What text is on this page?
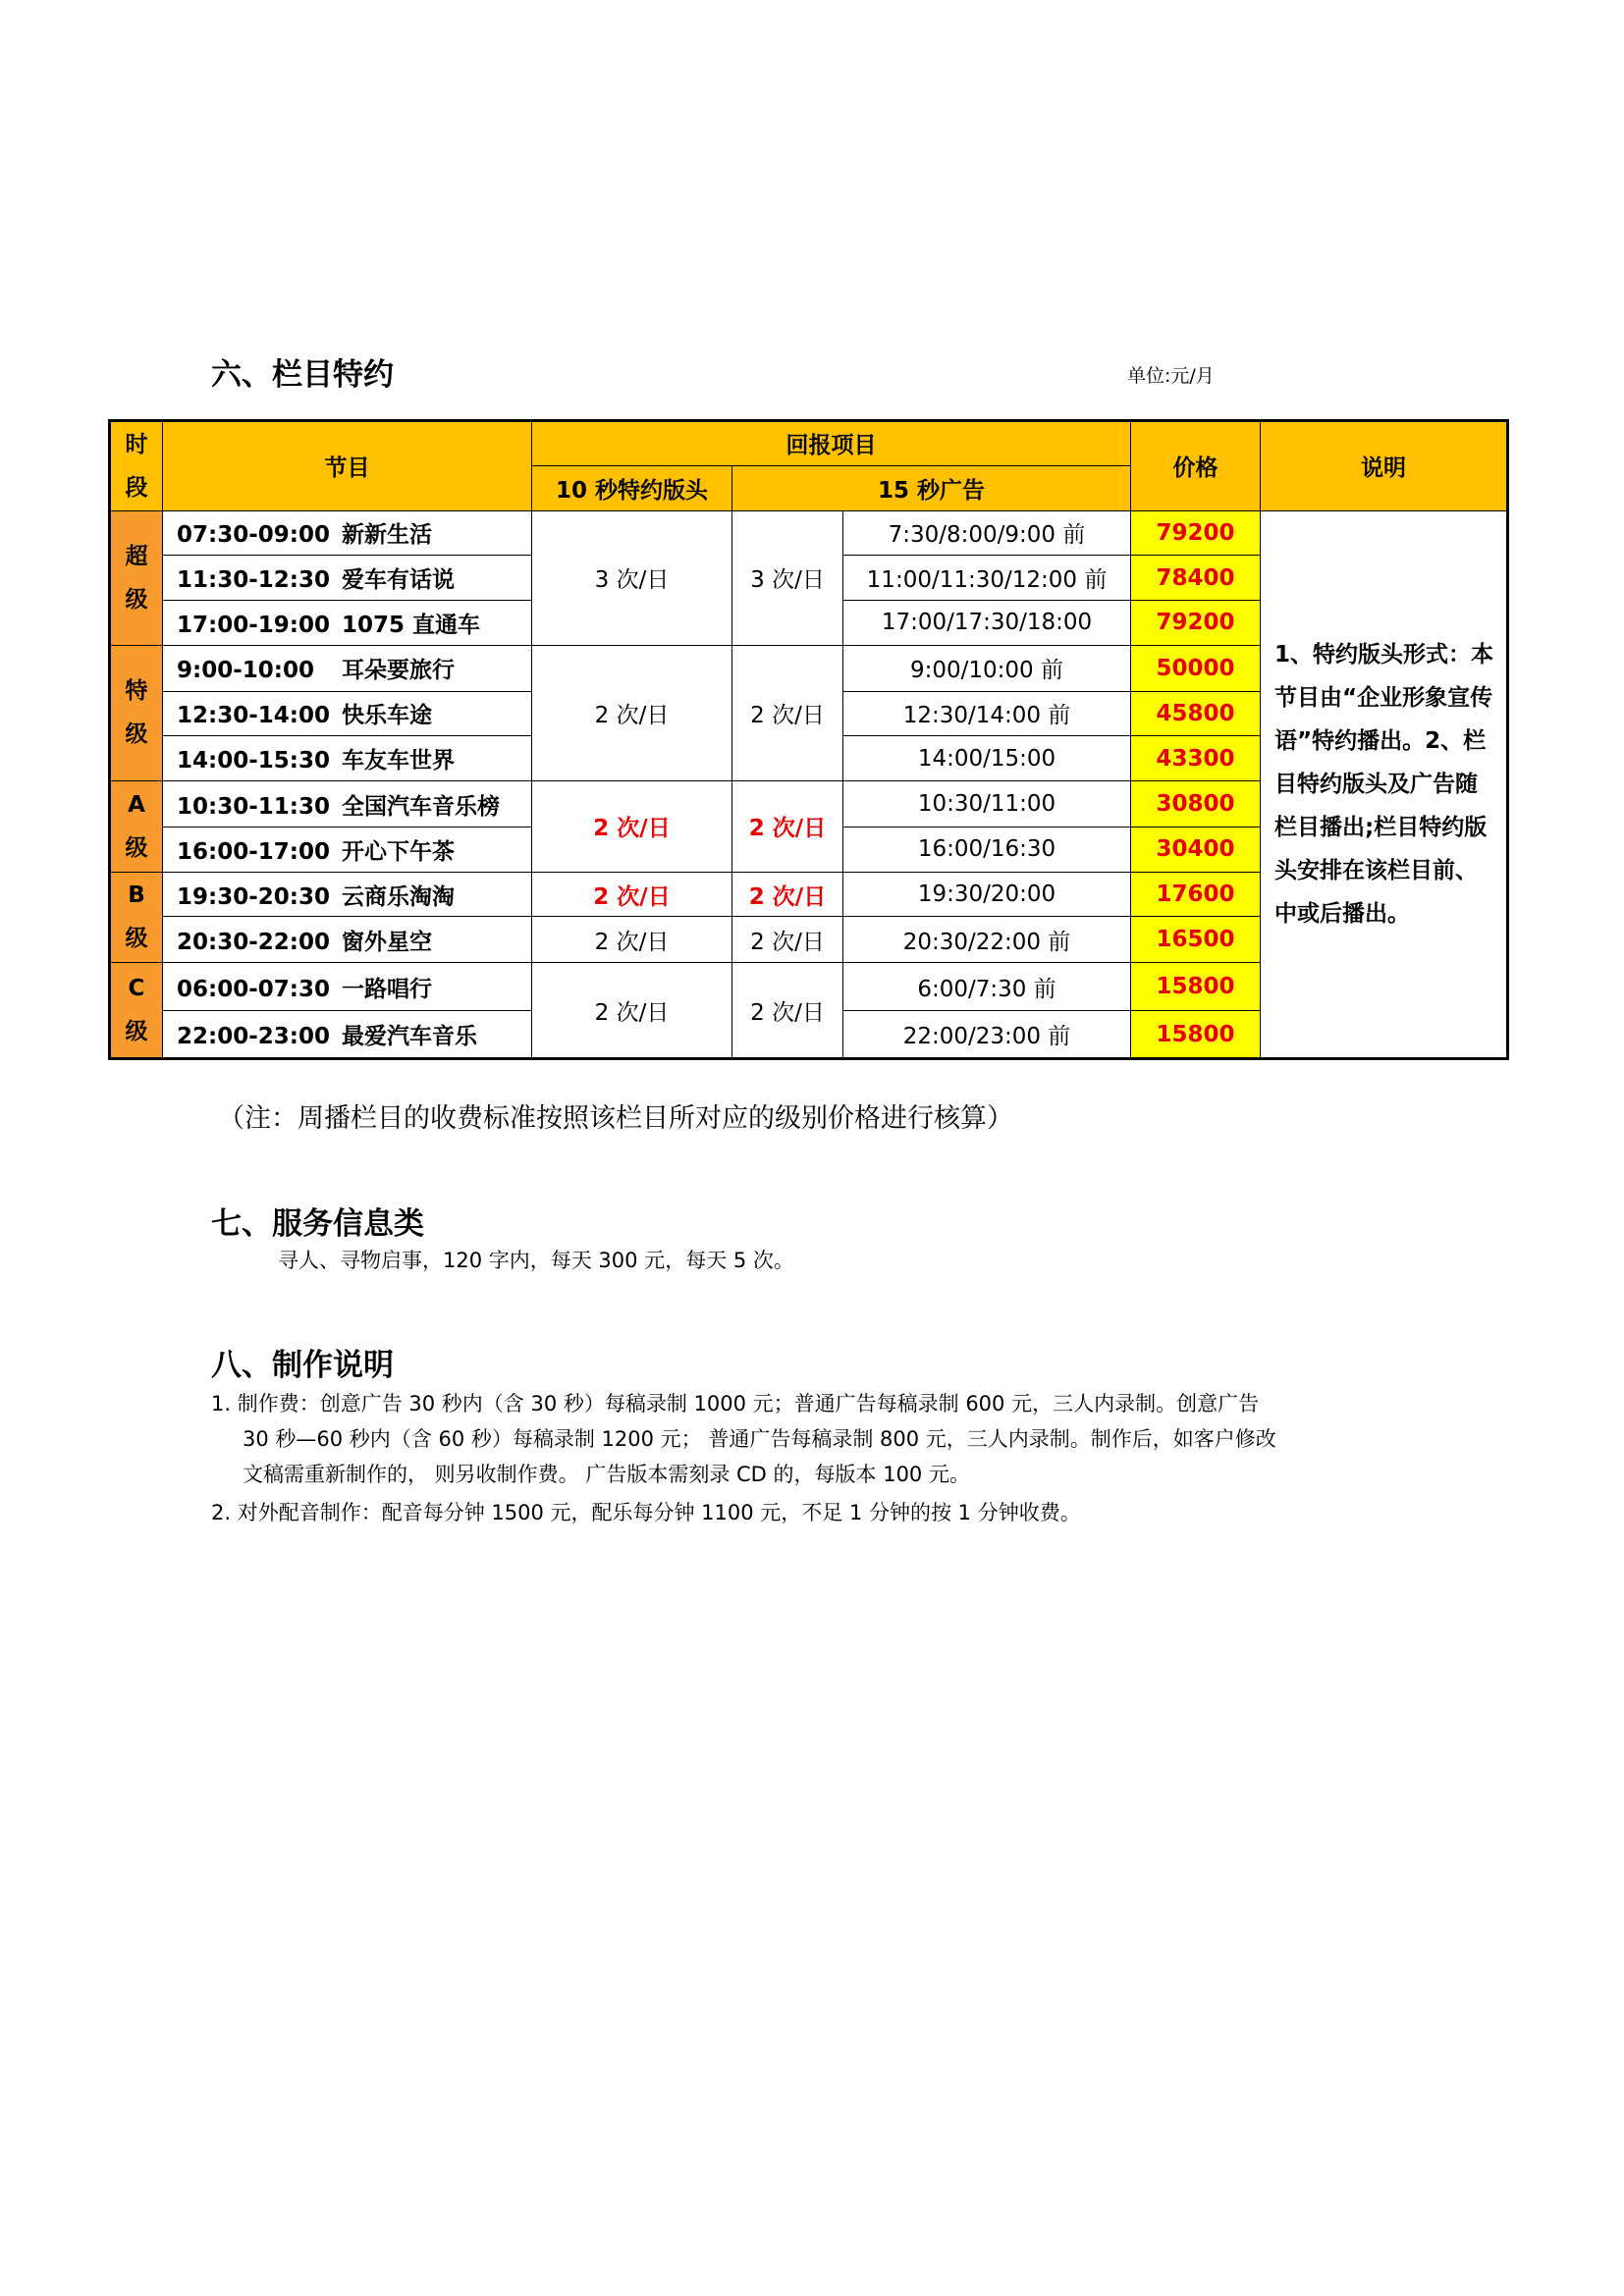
六、栏目特约	单位:元/月
时段	节目	回报项目			价格	说明
		10 秒特约版头	15 秒广告			
超级	07:30-09:00 新新生活	3 次/日	3 次/日	7:30/8:00/9:00 前	79200	1、特约版头形式：本节目由“企业形象宣传语”特约播出。2、栏目特约版头及广告随栏目播出;栏目特约版头安排在该栏目前、中或后播出。
	11:30-12:30 爱车有话说			11:00/11:30/12:00 前	78400	
	17:00-19:00 1075 直通车			17:00/17:30/18:00	79200	
特级	9:00-10:00 耳朵要旅行	2 次/日	2 次/日	9:00/10:00 前	50000	
	12:30-14:00 快乐车途			12:30/14:00 前	45800	
	14:00-15:30 车友车世界			14:00/15:00	43300	
A级	10:30-11:30 全国汽车音乐榜	2 次/日	2 次/日	10:30/11:00	30800	
	16:00-17:00 开心下午茶			16:00/16:30	30400	
B级	19:30-20:30 云商乐淘淘	2 次/日	2 次/日	19:30/20:00	17600	
	20:30-22:00 窗外星空	2 次/日	2 次/日	20:30/22:00 前	16500	
C级	06:00-07:30 一路唱行	2 次/日	2 次/日	6:00/7:30 前	15800	
	22:00-23:00 最爱汽车音乐			22:00/23:00 前	15800	
（注：周播栏目的收费标准按照该栏目所对应的级别价格进行核算）
七、服务信息类
寻人、寻物启事，120 字内，每天 300 元，每天 5 次。
八、制作说明

1. 制作费：创意广告 30 秒内（含 30 秒）每稿录制 1000 元；普通广告每稿录制 600 元，三人内录制。创意广告

30 秒—60 秒内（含 60 秒）每稿录制 1200 元； 普通广告每稿录制 800 元，三人内录制。制作后，如客户修改

文稿需重新制作的， 则另收制作费。 广告版本需刻录 CD 的，每版本 100 元。

2. 对外配音制作：配音每分钟 1500 元，配乐每分钟 1100 元，不足 1 分钟的按 1 分钟收费。
